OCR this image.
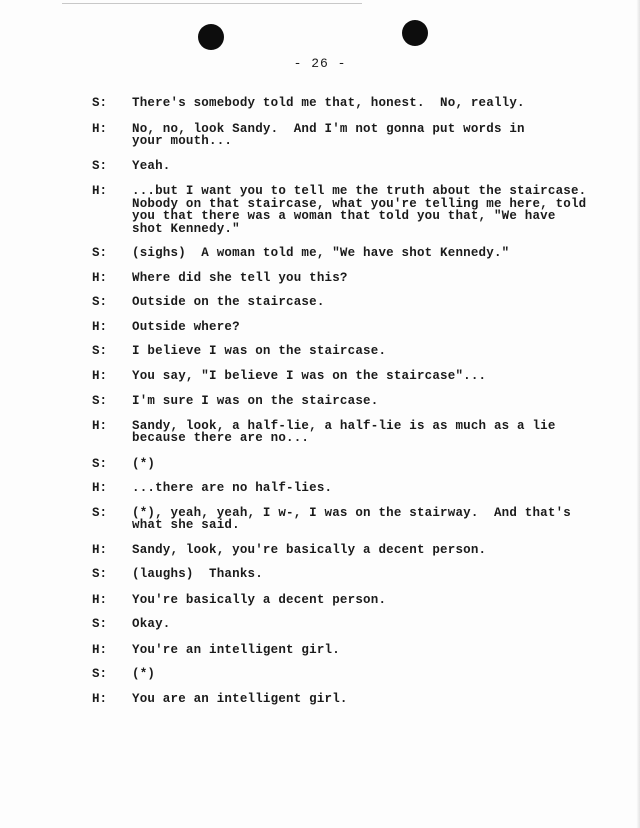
- 26 -
S:	There's somebody told me that, honest.  No, really.
H:	No, no, look Sandy.  And I'm not gonna put words in
your mouth...
S:	Yeah.
H:	...but I want you to tell me the truth about the staircase.
Nobody on that staircase, what you're telling me here, told
you that there was a woman that told you that, "We have
shot Kennedy."
S:	(sighs)  A woman told me, "We have shot Kennedy."
H:	Where did she tell you this?
S:	Outside on the staircase.
H:	Outside where?
S:	I believe I was on the staircase.
H:	You say, "I believe I was on the staircase"...
S:	I'm sure I was on the staircase.
H:	Sandy, look, a half-lie, a half-lie is as much as a lie
because there are no...
S:	(*)
H:	...there are no half-lies.
S:	(*), yeah, yeah, I w-, I was on the stairway.  And that's
what she said.
H:	Sandy, look, you're basically a decent person.
S:	(laughs)  Thanks.
H:	You're basically a decent person.
S:	Okay.
H:	You're an intelligent girl.
S:	(*)
H:	You are an intelligent girl.
